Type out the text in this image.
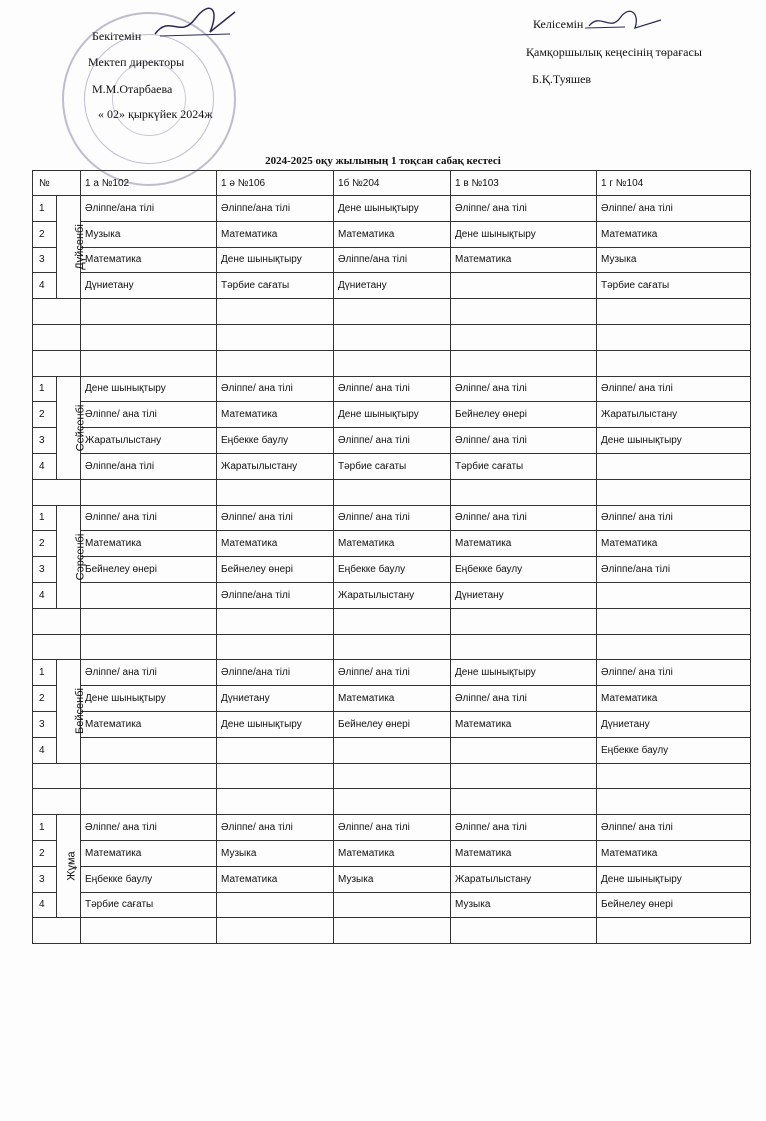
Бекітемін
Мектеп директоры
М.М.Отарбаева
« 02» қыркүйек 2024ж
Келісемін
Қамқоршылық кеңесінің төрағасы
Б.Қ.Туяшев
2024-2025 оқу жылының 1 тоқсан сабақ кестесі
№		1 а №102	1 ә №106	1б №204	1 в №103	1 г №104
1	Дүйсенбі	Әліппе/ана тілі	Әліппе/ана тілі	Дене шынықтыру	Әліппе/ ана тілі	Әліппе/ ана тілі
2		Музыка	Математика	Математика	Дене шынықтыру	Математика
3		Математика	Дене шынықтыру	Әліппе/ана тілі	Математика	Музыка
4		Дүниетану	Тәрбие сағаты	Дүниетану		Тәрбие сағаты

1	Сейсенбі	Дене шынықтыру	Әліппе/ ана тілі	Әліппе/ ана тілі	Әліппе/ ана тілі	Әліппе/ ана тілі
2		Әліппе/ ана тілі	Математика	Дене шынықтыру	Бейнелеу өнері	Жаратылыстану
3		Жаратылыстану	Еңбекке баулу	Әліппе/ ана тілі	Әліппе/ ана тілі	Дене шынықтыру
4		Әліппе/ана тілі	Жаратылыстану	Тәрбие сағаты	Тәрбие сағаты	

1	Сәрсенбі	Әліппе/ ана тілі	Әліппе/ ана тілі	Әліппе/ ана тілі	Әліппе/ ана тілі	Әліппе/ ана тілі
2		Математика	Математика	Математика	Математика	Математика
3		Бейнелеу өнері	Бейнелеу өнері	Еңбекке баулу	Еңбекке баулу	Әліппе/ана тілі
4			Әліппе/ана тілі	Жаратылыстану	Дүниетану	

1	Бейсенбі	Әліппе/ ана тілі	Әліппе/ана тілі	Әліппе/ ана тілі	Дене шынықтыру	Әліппе/ ана тілі
2		Дене шынықтыру	Дүниетану	Математика	Әліппе/ ана тілі	Математика
3		Математика	Дене шынықтыру	Бейнелеу өнері	Математика	Дүниетану
4						Еңбекке баулу

1	Жұма	Әліппе/ ана тілі	Әліппе/ ана тілі	Әліппе/ ана тілі	Әліппе/ ана тілі	Әліппе/ ана тілі
2		Математика	Музыка	Математика	Математика	Математика
3		Еңбекке баулу	Математика	Музыка	Жаратылыстану	Дене шынықтыру
4		Тәрбие сағаты			Музыка	Бейнелеу өнері
